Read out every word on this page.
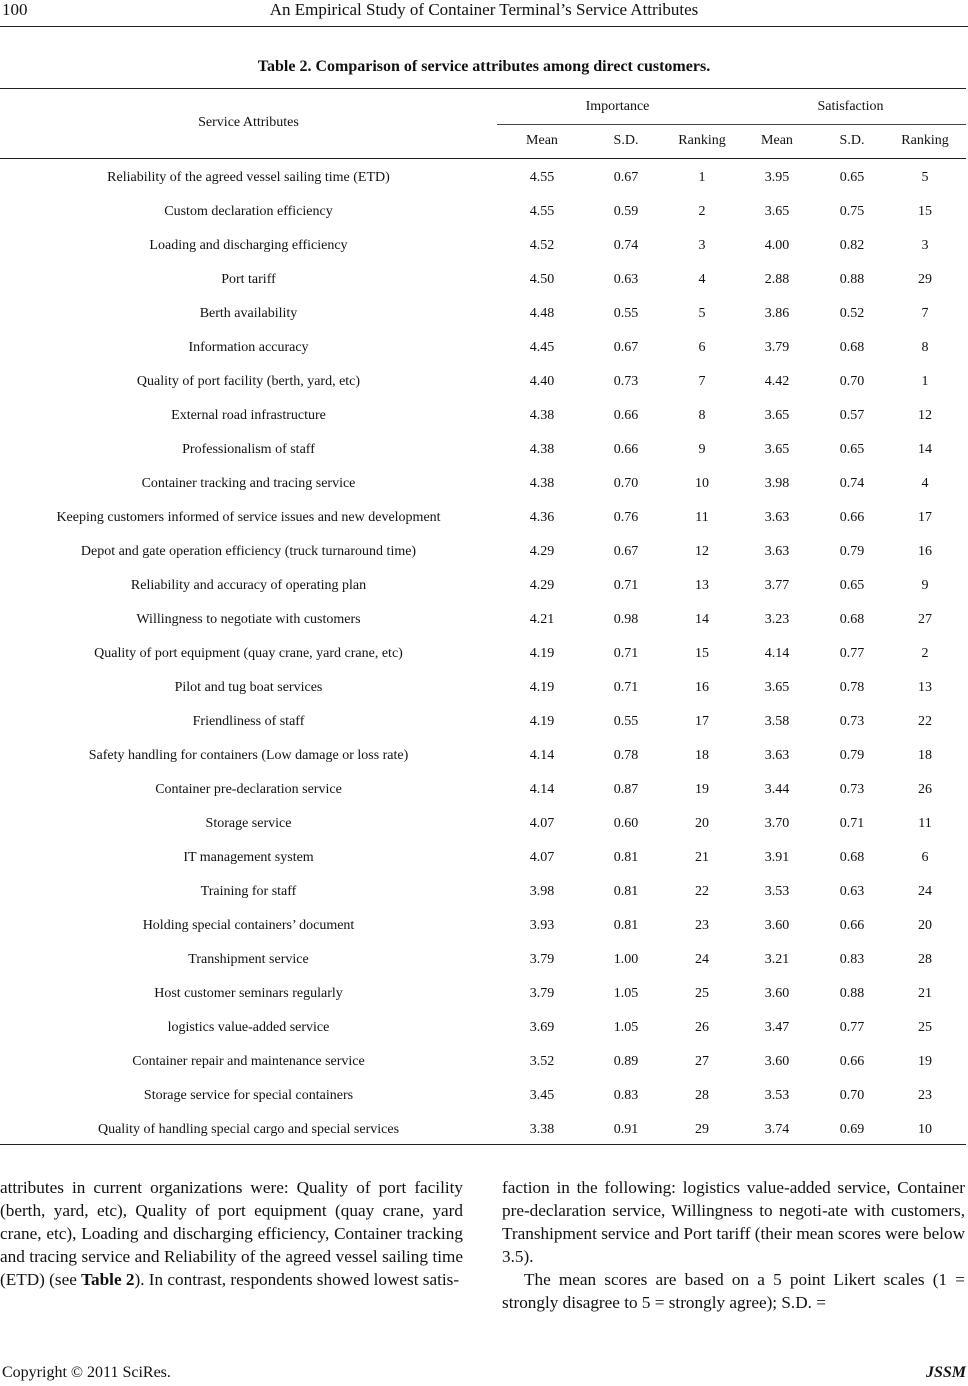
100	An Empirical Study of Container Terminal’s Service Attributes
Table 2. Comparison of service attributes among direct customers.
Service Attributes
Importance	Satisfaction
Mean	S.D.	Ranking	Mean	S.D.	Ranking
Reliability of the agreed vessel sailing time (ETD)	4.55	0.67	1	3.95	0.65	5
Custom declaration efficiency	4.55	0.59	2	3.65	0.75	15
Loading and discharging efficiency	4.52	0.74	3	4.00	0.82	3
Port tariff	4.50	0.63	4	2.88	0.88	29
Berth availability	4.48	0.55	5	3.86	0.52	7
Information accuracy	4.45	0.67	6	3.79	0.68	8
Quality of port facility (berth, yard, etc)	4.40	0.73	7	4.42	0.70	1
External road infrastructure	4.38	0.66	8	3.65	0.57	12
Professionalism of staff	4.38	0.66	9	3.65	0.65	14
Container tracking and tracing service	4.38	0.70	10	3.98	0.74	4
Keeping customers informed of service issues and new development	4.36	0.76	11	3.63	0.66	17
Depot and gate operation efficiency (truck turnaround time)	4.29	0.67	12	3.63	0.79	16
Reliability and accuracy of operating plan	4.29	0.71	13	3.77	0.65	9
Willingness to negotiate with customers	4.21	0.98	14	3.23	0.68	27
Quality of port equipment (quay crane, yard crane, etc)	4.19	0.71	15	4.14	0.77	2
Pilot and tug boat services	4.19	0.71	16	3.65	0.78	13
Friendliness of staff	4.19	0.55	17	3.58	0.73	22
Safety handling for containers (Low damage or loss rate)	4.14	0.78	18	3.63	0.79	18
Container pre-declaration service	4.14	0.87	19	3.44	0.73	26
Storage service	4.07	0.60	20	3.70	0.71	11
IT management system	4.07	0.81	21	3.91	0.68	6
Training for staff	3.98	0.81	22	3.53	0.63	24
Holding special containers’ document	3.93	0.81	23	3.60	0.66	20
Transhipment service	3.79	1.00	24	3.21	0.83	28
Host customer seminars regularly	3.79	1.05	25	3.60	0.88	21
logistics value-added service	3.69	1.05	26	3.47	0.77	25
Container repair and maintenance service	3.52	0.89	27	3.60	0.66	19
Storage service for special containers	3.45	0.83	28	3.53	0.70	23
Quality of handling special cargo and special services	3.38	0.91	29	3.74	0.69	10

attributes in current organizations were: Quality of port facility (berth, yard, etc), Quality of port equipment (quay crane, yard crane, etc), Loading and discharging efficiency, Container tracking and tracing service and Reliability of the agreed vessel sailing time (ETD) (see Table 2). In contrast, respondents showed lowest satis-

faction in the following: logistics value-added service, Container pre-declaration service, Willingness to negoti-ate with customers, Transhipment service and Port tariff (their mean scores were below 3.5).

The mean scores are based on a 5 point Likert scales (1 = strongly disagree to 5 = strongly agree); S.D. =

Copyright © 2011 SciRes.	JSSM
